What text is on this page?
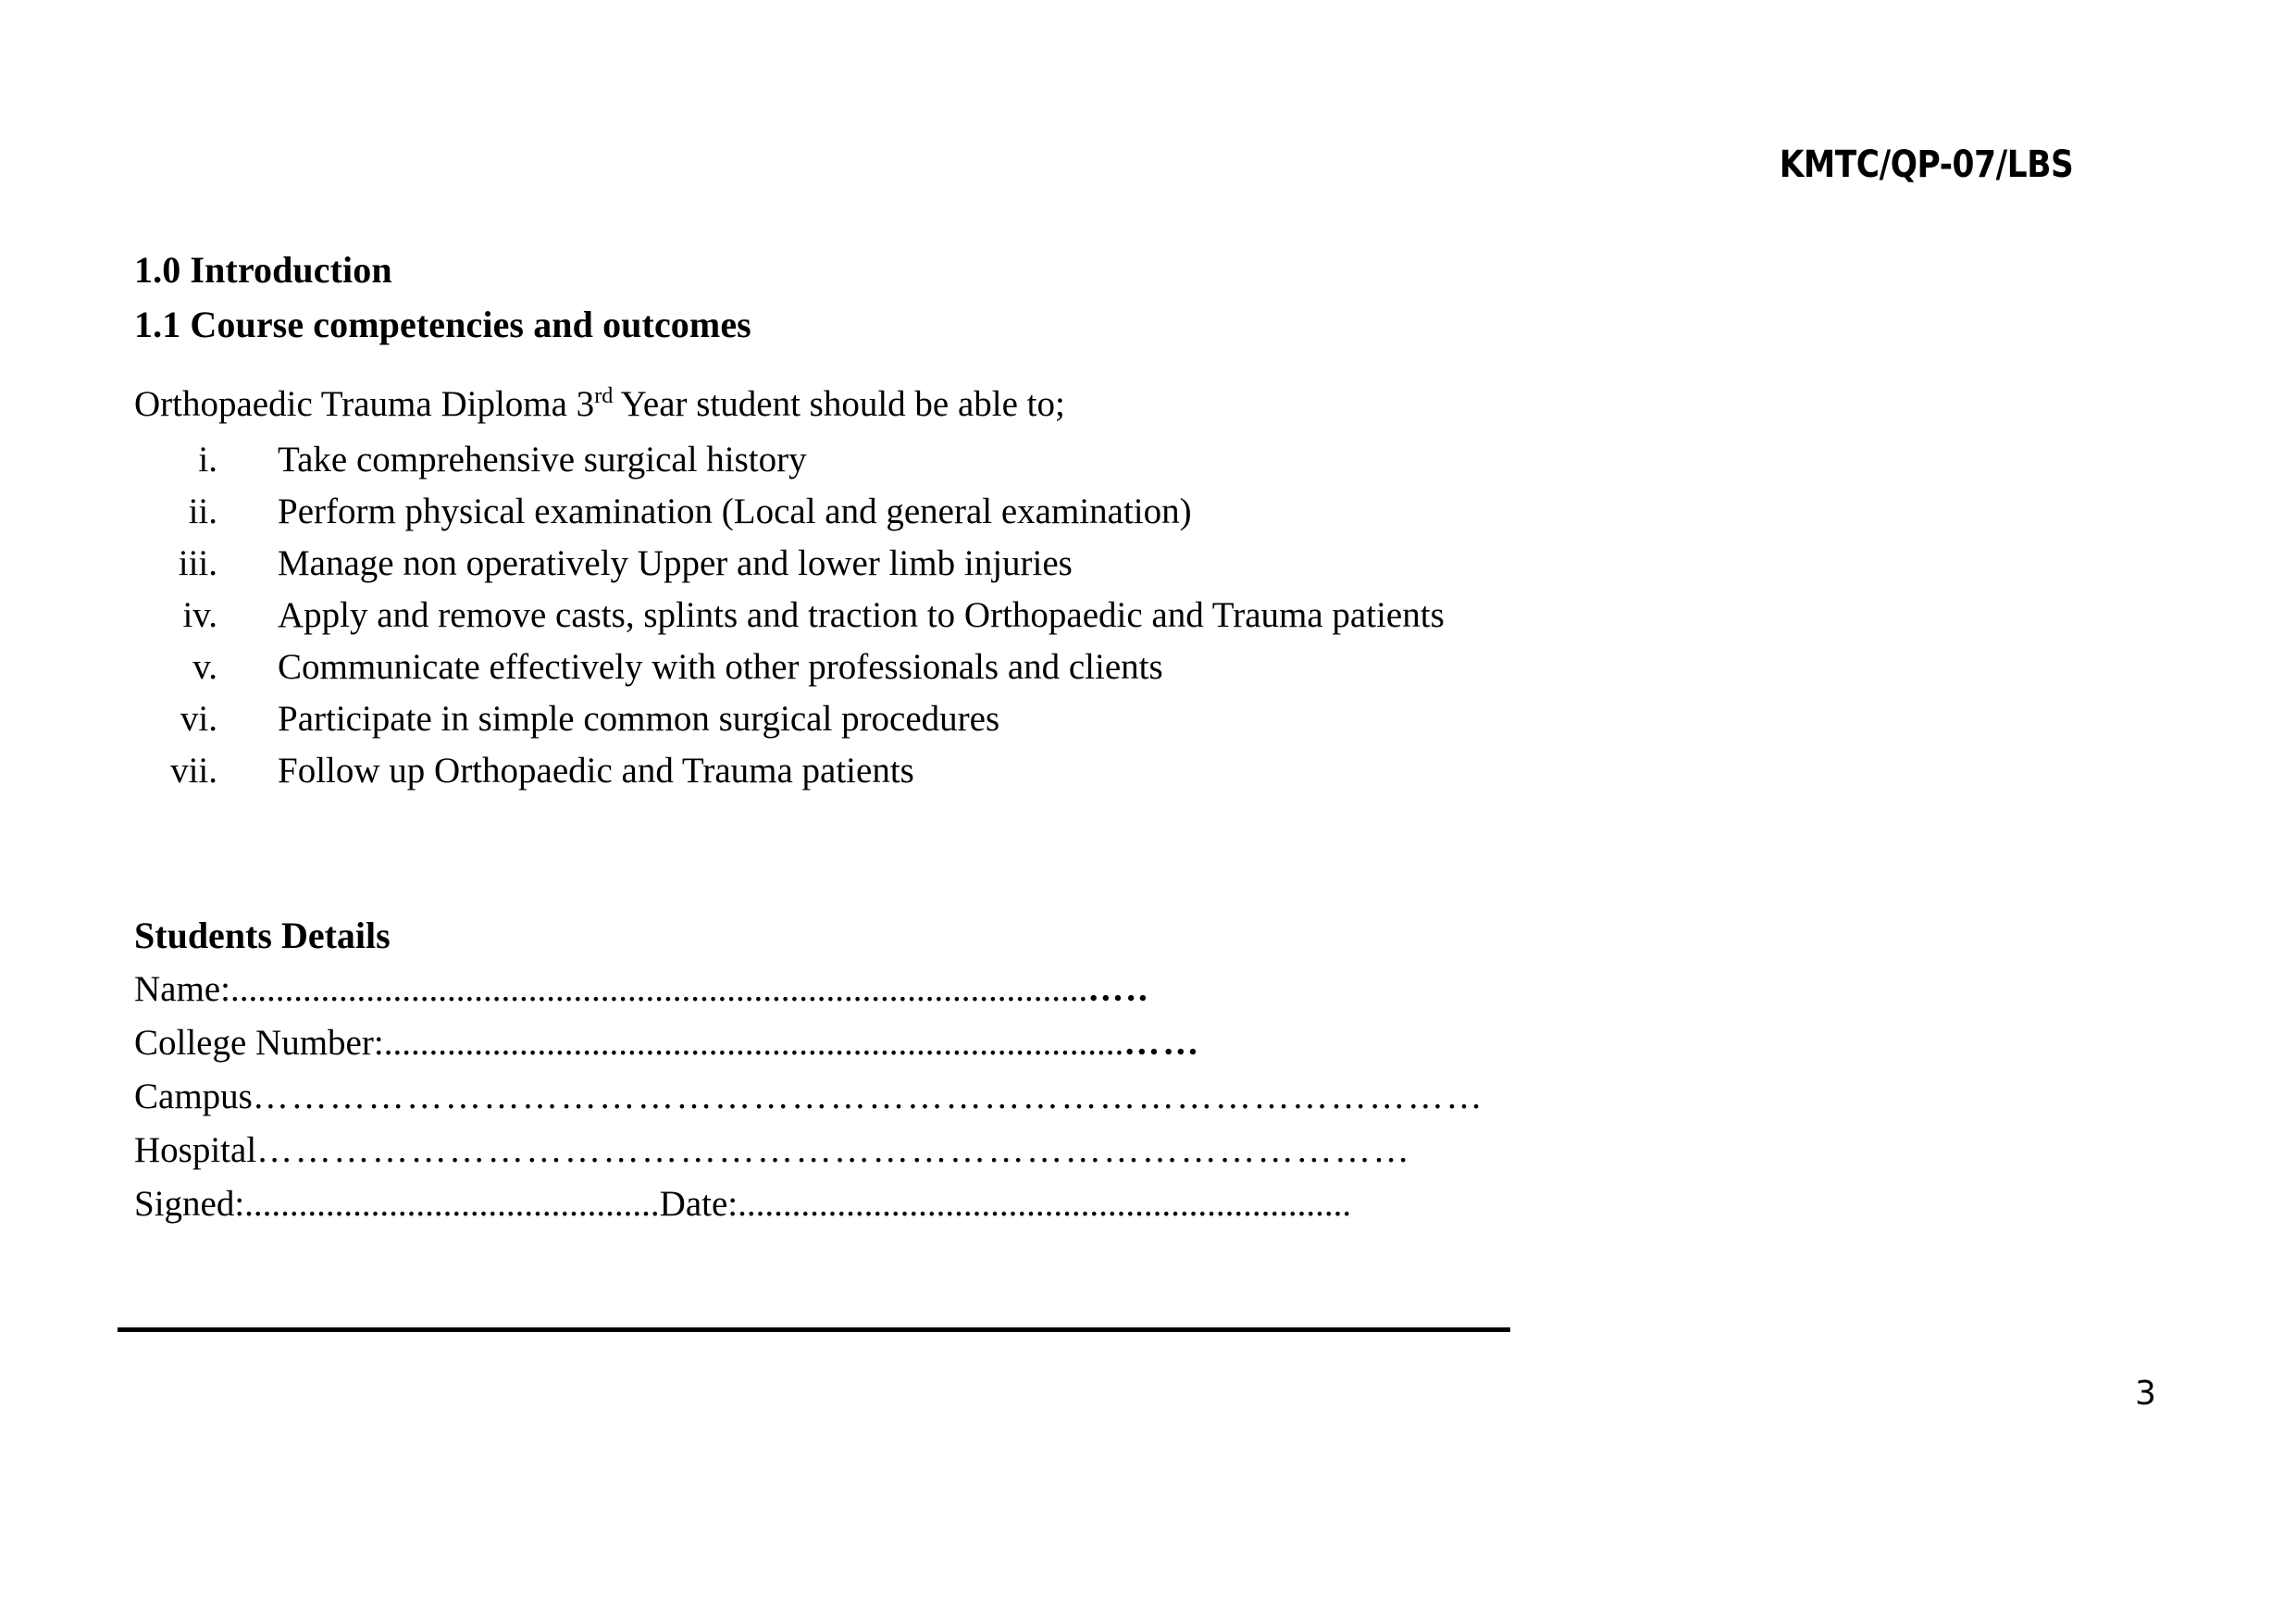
KMTC/QP-07/LBS
1.0 Introduction
1.1 Course competencies and outcomes
Orthopaedic Trauma Diploma 3rd Year student should be able to;
i. Take comprehensive surgical history
ii. Perform physical examination (Local and general examination)
iii. Manage non operatively Upper and lower limb injuries
iv. Apply and remove casts, splints and traction to Orthopaedic and Trauma patients
v. Communicate effectively with other professionals and clients
vi. Participate in simple common surgical procedures
vii. Follow up Orthopaedic and Trauma patients
Students Details
Name:...............................................................................................…..
College Number:..................................................................................……
Campus……………………………………………………………………………………
Hospital………………………………………………………………………………
Signed:..............................................Date:....................................................................
3
